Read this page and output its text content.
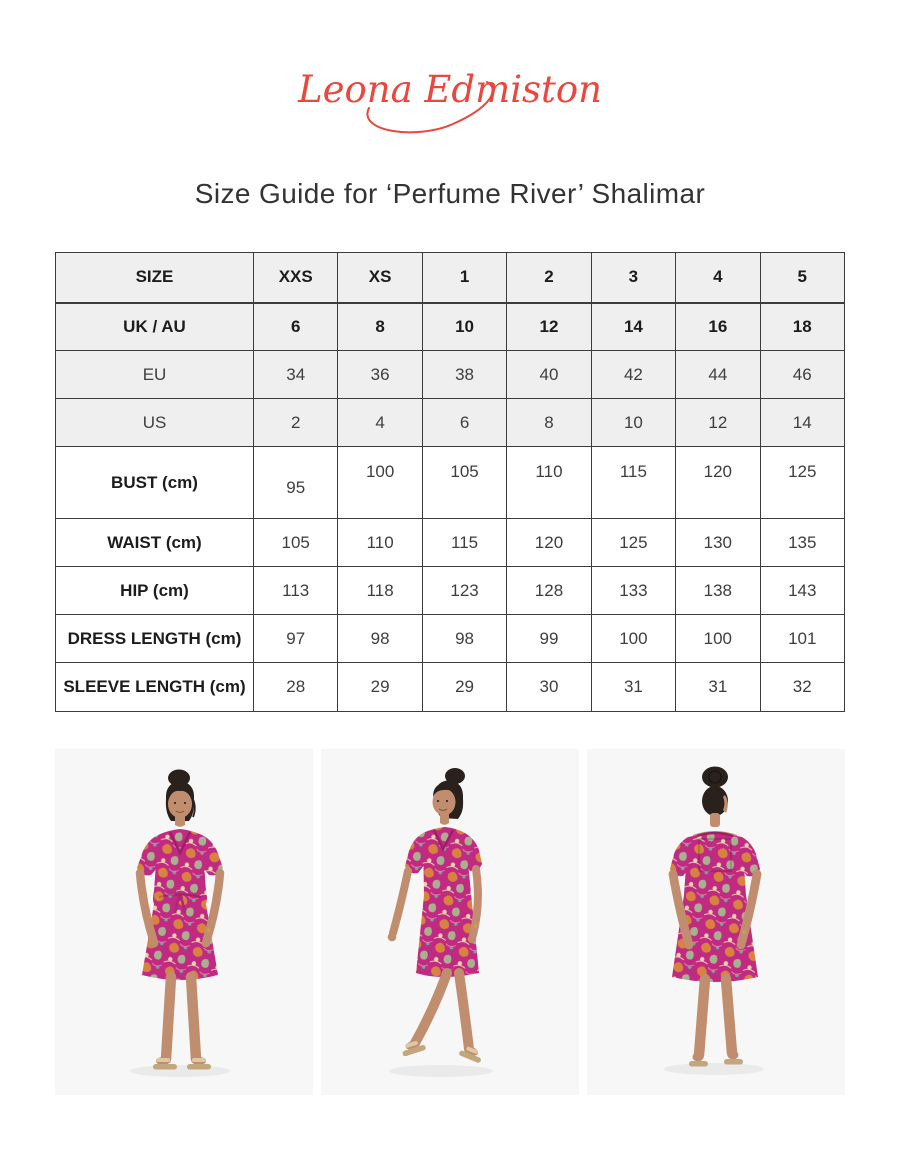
Leona Edmiston
Size Guide for ‘Perfume River’ Shalimar
SIZE	XXS	XS	1	2	3	4	5
UK / AU	6	8	10	12	14	16	18
EU	34	36	38	40	42	44	46
US	2	4	6	8	10	12	14
BUST (cm)	95	100	105	110	115	120	125
WAIST (cm)	105	110	115	120	125	130	135
HIP (cm)	113	118	123	128	133	138	143
DRESS LENGTH (cm)	97	98	98	99	100	100	101
SLEEVE LENGTH (cm)	28	29	29	30	31	31	32
